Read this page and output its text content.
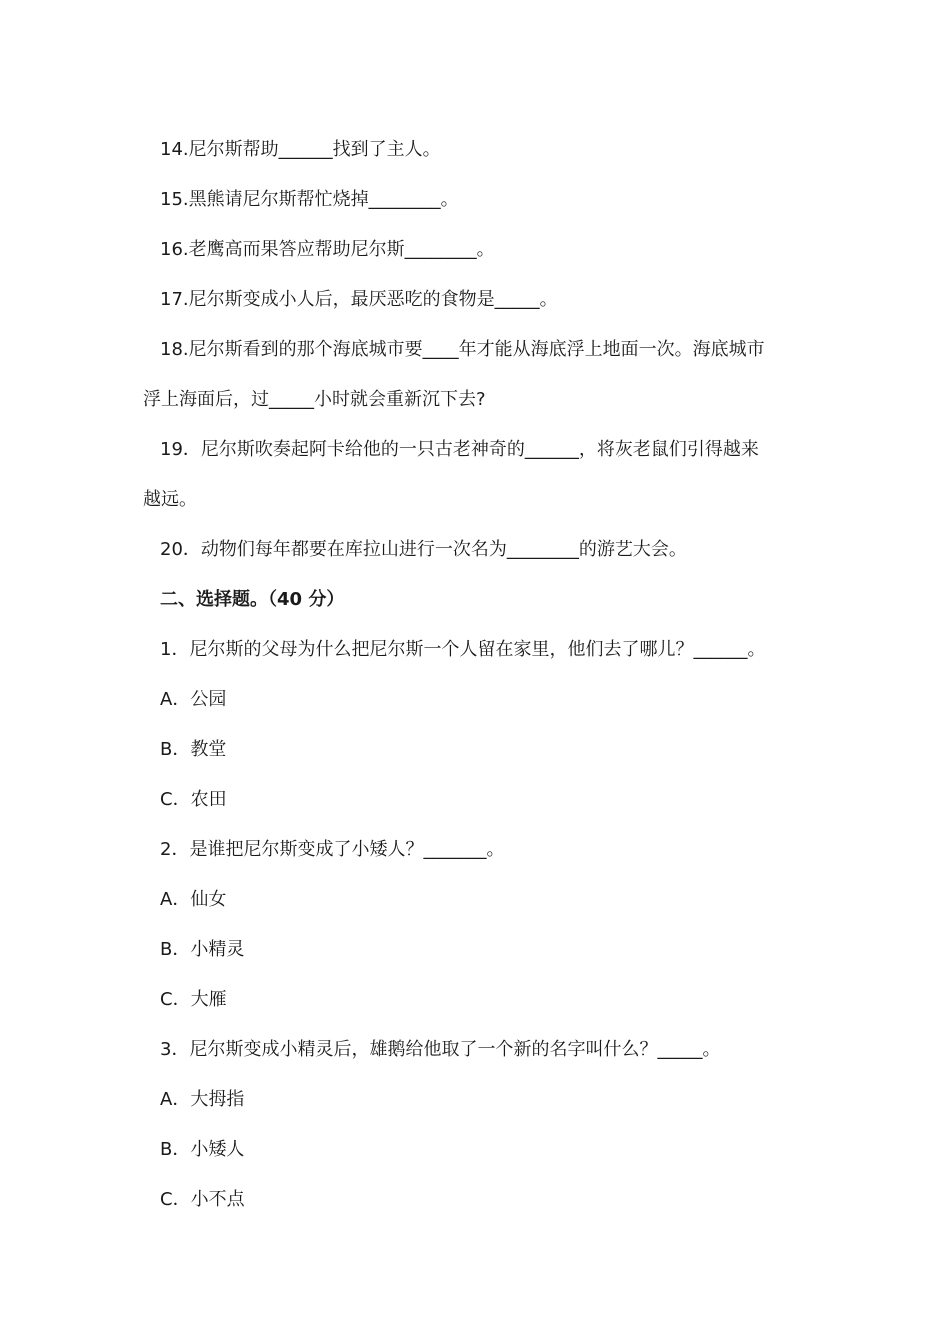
14.尼尔斯帮助______找到了主人。
15.黑熊请尼尔斯帮忙烧掉________。
16.老鹰高而果答应帮助尼尔斯________。
17.尼尔斯变成小人后，最厌恶吃的食物是_____。
18.尼尔斯看到的那个海底城市要____年才能从海底浮上地面一次。海底城市
浮上海面后，过_____小时就会重新沉下去?
19．尼尔斯吹奏起阿卡给他的一只古老神奇的______，将灰老鼠们引得越来
越远。
20．动物们每年都要在库拉山进行一次名为________的游艺大会。
二、选择题。（40 分）
1．尼尔斯的父母为什么把尼尔斯一个人留在家里，他们去了哪儿？______。
A．公园
B．教堂
C．农田
2．是谁把尼尔斯变成了小矮人？_______。
A．仙女
B．小精灵
C．大雁
3．尼尔斯变成小精灵后，雄鹅给他取了一个新的名字叫什么？_____。
A．大拇指
B．小矮人
C．小不点
